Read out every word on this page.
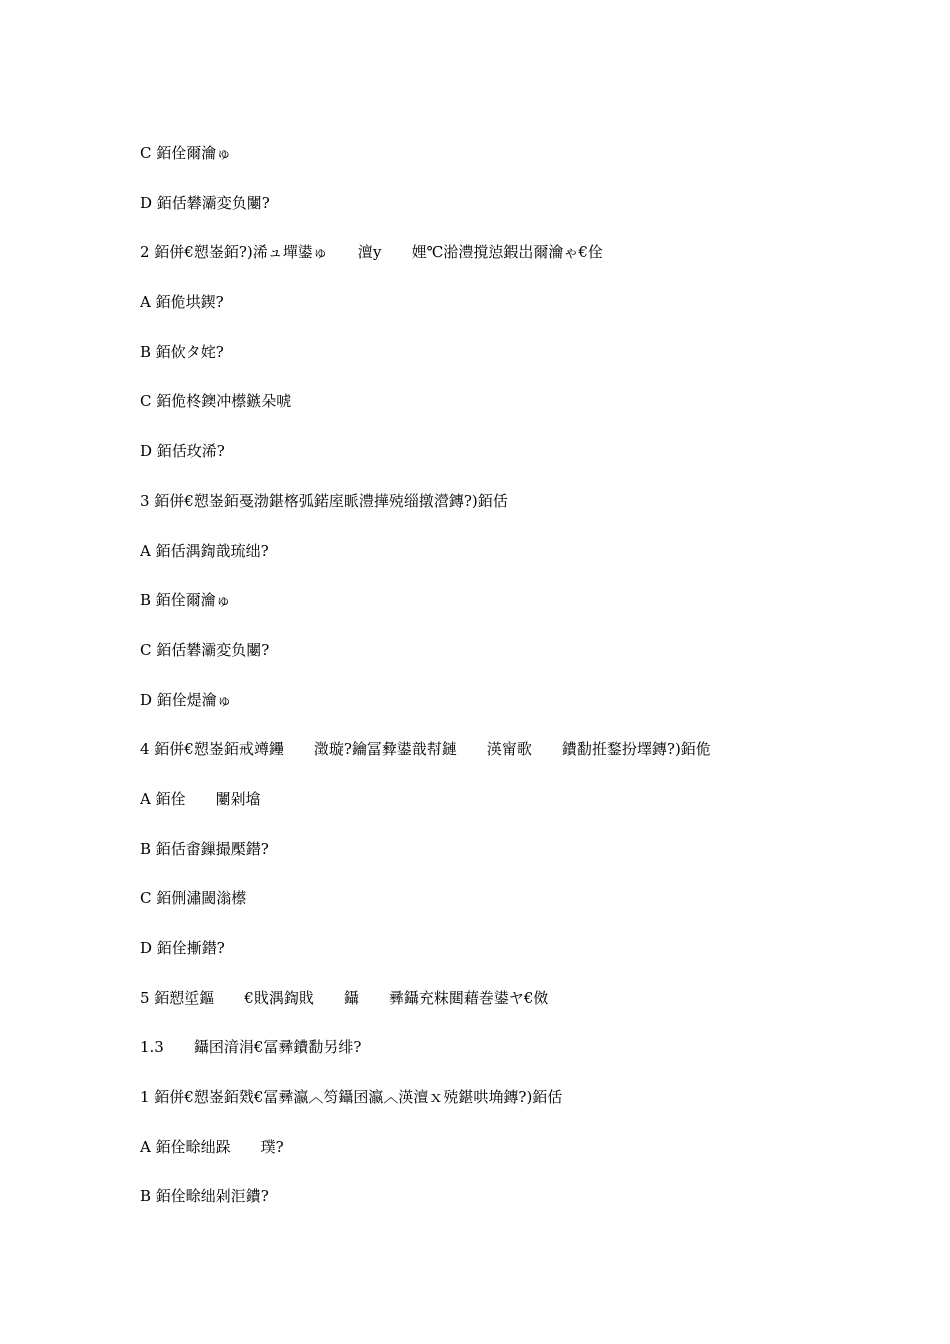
C 銆佺爾瀹ゅ
D 銆佸礬灞変负闄?
2 銆併€愬崟銆?)浠ュ墠鍙ゅ　　澶у　　娌℃湁澧撹惉鍜岀爾瀹ゃ€佺
A 銆佹垬鍥?
B 銆佽タ姹?
C 銆佹柊鐭冲櫒鏃朵唬
D 銆佸玫浠?
3 銆併€愬崟銆戞渤鍖楁弧鍩庢眽澧撶殑缁撴瀯鏄?)銆佸
A 銆佸湡鍧戠琉绌?
B 銆佺爾瀹ゅ
C 銆佸礬灞変负闄?
D 銆佺煶瀹ゅ
4 銆併€愬崟銆戒竴鑸　　澂璇?鑰冨彜鍙戠幇鏈　　渶甯歌　　鐨勫拰鍪扮墿鏄?)銆佹
A 銆佺　　闄剁墖
B 銆佸畬鏁撮檿鐟?
C 銆侀潚閾滃櫒
D 銆佺摲鐟?
5 銆愬垽鏂　　€戝湡鍧戝　　鑷　　彞鑷充粖閮藉巻鍙ヤ€傚
1.3　　鑷囨湇涓€冨彞鐨勫另绯?
1 銆併€愬崟銆戣€冨彞瀛︿笉鑷囨瀛︿渶澶ｘ殑鍖哄埆鏄?)銆佸
A 銆佺畭绌跺　　璞?
B 銆佺畭绌剁洰鐨?
